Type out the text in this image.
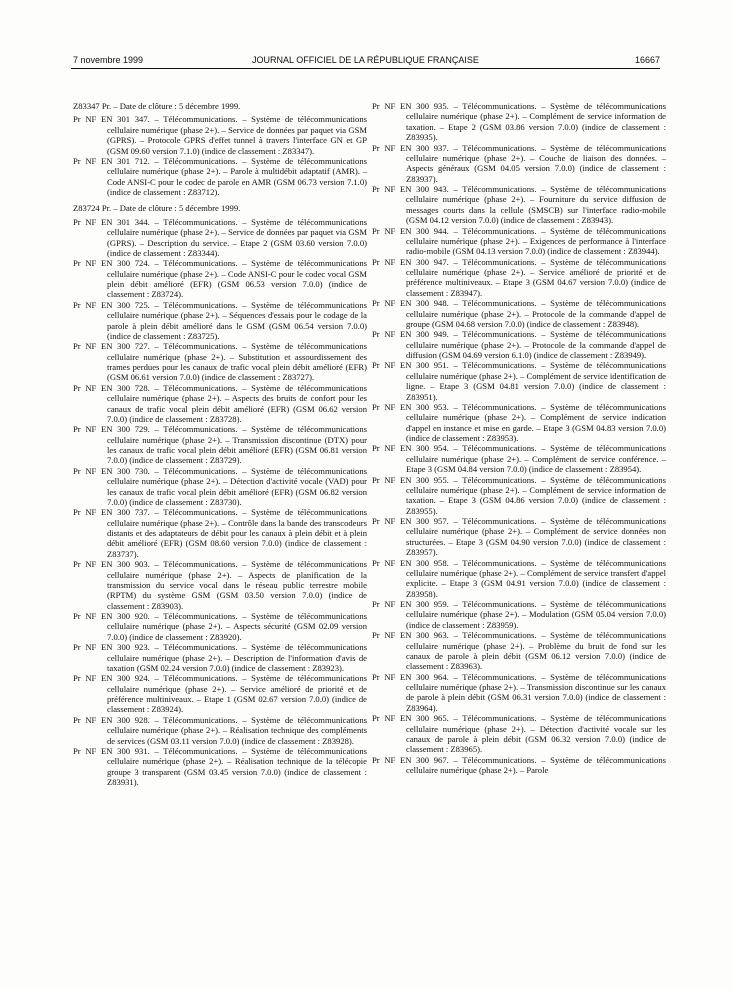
7 novembre 1999	JOURNAL OFFICIEL DE LA RÉPUBLIQUE FRANÇAISE	16667

Z83347 Pr. – Date de clôture : 5 décembre 1999.

Pr NF EN 301 347. – Télécommunications. – Système de télécommunications cellulaire numérique (phase 2+). – Service de données par paquet via GSM (GPRS). – Protocole GPRS d'effet tunnel à travers l'interface GN et GP (GSM 09.60 version 7.1.0) (indice de classement : Z83347).

Pr NF EN 301 712. – Télécommunications. – Système de télécommunications cellulaire numérique (phase 2+). – Parole à multidébit adaptatif (AMR). – Code ANSI-C pour le codec de parole en AMR (GSM 06.73 version 7.1.0) (indice de classement : Z83712).

Z83724 Pr. – Date de clôture : 5 décembre 1999.

Pr NF EN 301 344. – Télécommunications. – Système de télécommunications cellulaire numérique (phase 2+). – Service de données par paquet via GSM (GPRS). – Description du service. – Etape 2 (GSM 03.60 version 7.0.0) (indice de classement : Z83344).

Pr NF EN 300 724. – Télécommunications. – Système de télécommunications cellulaire numérique (phase 2+). – Code ANSI-C pour le codec vocal GSM plein débit amélioré (EFR) (GSM 06.53 version 7.0.0) (indice de classement : Z83724).

Pr NF EN 300 725. – Télécommunications. – Système de télécommunications cellulaire numérique (phase 2+). – Séquences d'essais pour le codage de la parole à plein débit amélioré dans le GSM (GSM 06.54 version 7.0.0) (indice de classement : Z83725).

Pr NF EN 300 727. – Télécommunications. – Système de télécommunications cellulaire numérique (phase 2+). – Substitution et assourdissement des trames perdues pour les canaux de trafic vocal plein débit amélioré (EFR) (GSM 06.61 version 7.0.0) (indice de classement : Z83727).

Pr NF EN 300 728. – Télécommunications. – Système de télécommunications cellulaire numérique (phase 2+). – Aspects des bruits de confort pour les canaux de trafic vocal plein débit amélioré (EFR) (GSM 06.62 version 7.0.0) (indice de classement : Z83728).

Pr NF EN 300 729. – Télécommunications. – Système de télécommunications cellulaire numérique (phase 2+). – Transmission discontinue (DTX) pour les canaux de trafic vocal plein débit amélioré (EFR) (GSM 06.81 version 7.0.0) (indice de classement : Z83729).

Pr NF EN 300 730. – Télécommunications. – Système de télécommunications cellulaire numérique (phase 2+). – Détection d'activité vocale (VAD) pour les canaux de trafic vocal plein débit amélioré (EFR) (GSM 06.82 version 7.0.0) (indice de classement : Z83730).

Pr NF EN 300 737. – Télécommunications. – Système de télécommunications cellulaire numérique (phase 2+). – Contrôle dans la bande des transcodeurs distants et des adaptateurs de débit pour les canaux à plein débit et à plein débit amélioré (EFR) (GSM 08.60 version 7.0.0) (indice de classement : Z83737).

Pr NF EN 300 903. – Télécommunications. – Système de télécommunications cellulaire numérique (phase 2+). – Aspects de planification de la transmission du service vocal dans le réseau public terrestre mobile (RPTM) du système GSM (GSM 03.50 version 7.0.0) (indice de classement : Z83903).

Pr NF EN 300 920. – Télécommunications. – Système de télécommunications cellulaire numérique (phase 2+). – Aspects sécurité (GSM 02.09 version 7.0.0) (indice de classement : Z83920).

Pr NF EN 300 923. – Télécommunications. – Système de télécommunications cellulaire numérique (phase 2+). – Description de l'information d'avis de taxation (GSM 02.24 version 7.0.0) (indice de classement : Z83923).

Pr NF EN 300 924. – Télécommunications. – Système de télécommunications cellulaire numérique (phase 2+). – Service amélioré de priorité et de préférence multiniveaux. – Etape 1 (GSM 02.67 version 7.0.0) (indice de classement : Z83924).

Pr NF EN 300 928. – Télécommunications. – Système de télécommunications cellulaire numérique (phase 2+). – Réalisation technique des compléments de services (GSM 03.11 version 7.0.0) (indice de classement : Z83928).

Pr NF EN 300 931. – Télécommunications. – Système de télécommunications cellulaire numérique (phase 2+). – Réalisation technique de la télécopie groupe 3 transparent (GSM 03.45 version 7.0.0) (indice de classement : Z83931).

Pr NF EN 300 935. – Télécommunications. – Système de télécommunications cellulaire numérique (phase 2+). – Complément de service information de taxation. – Etape 2 (GSM 03.86 version 7.0.0) (indice de classement : Z83935).

Pr NF EN 300 937. – Télécommunications. – Système de télécommunications cellulaire numérique (phase 2+). – Couche de liaison des données. – Aspects généraux (GSM 04.05 version 7.0.0) (indice de classement : Z83937).

Pr NF EN 300 943. – Télécommunications. – Système de télécommunications cellulaire numérique (phase 2+). – Fourniture du service diffusion de messages courts dans la cellule (SMSCB) sur l'interface radio-mobile (GSM 04.12 version 7.0.0) (indice de classement : Z83943).

Pr NF EN 300 944. – Télécommunications. – Système de télécommunications cellulaire numérique (phase 2+). – Exigences de performance à l'interface radio-mobile (GSM 04.13 version 7.0.0) (indice de classement : Z83944).

Pr NF EN 300 947. – Télécommunications. – Système de télécommunications cellulaire numérique (phase 2+). – Service amélioré de priorité et de préférence multiniveaux. – Etape 3 (GSM 04.67 version 7.0.0) (indice de classement : Z83947).

Pr NF EN 300 948. – Télécommunications. – Système de télécommunications cellulaire numérique (phase 2+). – Protocole de la commande d'appel de groupe (GSM 04.68 version 7.0.0) (indice de classement : Z83948).

Pr NF EN 300 949. – Télécommunications. – Système de télécommunications cellulaire numérique (phase 2+). – Protocole de la commande d'appel de diffusion (GSM 04.69 version 6.1.0) (indice de classement : Z83949).

Pr NF EN 300 951. – Télécommunications. – Système de télécommunications cellulaire numérique (phase 2+). – Complément de service identification de ligne. – Etape 3 (GSM 04.81 version 7.0.0) (indice de classement : Z83951).

Pr NF EN 300 953. – Télécommunications. – Système de télécommunications cellulaire numérique (phase 2+). – Complément de service indication d'appel en instance et mise en garde. – Etape 3 (GSM 04.83 version 7.0.0) (indice de classement : Z83953).

Pr NF EN 300 954. – Télécommunications. – Système de télécommunications cellulaire numérique (phase 2+). – Complément de service conférence. – Etape 3 (GSM 04.84 version 7.0.0) (indice de classement : Z83954).

Pr NF EN 300 955. – Télécommunications. – Système de télécommunications cellulaire numérique (phase 2+). – Complément de service information de taxation. – Etape 3 (GSM 04.86 version 7.0.0) (indice de classement : Z83955).

Pr NF EN 300 957. – Télécommunications. – Système de télécommunications cellulaire numérique (phase 2+). – Complément de service données non structurées. – Etape 3 (GSM 04.90 version 7.0.0) (indice de classement : Z83957).

Pr NF EN 300 958. – Télécommunications. – Système de télécommunications cellulaire numérique (phase 2+). – Complément de service transfert d'appel explicite. – Etape 3 (GSM 04.91 version 7.0.0) (indice de classement : Z83958).

Pr NF EN 300 959. – Télécommunications. – Système de télécommunications cellulaire numérique (phase 2+). – Modulation (GSM 05.04 version 7.0.0) (indice de classement : Z83959).

Pr NF EN 300 963. – Télécommunications. – Système de télécommunications cellulaire numérique (phase 2+). – Problème du bruit de fond sur les canaux de parole à plein débit (GSM 06.12 version 7.0.0) (indice de classement : Z83963).

Pr NF EN 300 964. – Télécommunications. – Système de télécommunications cellulaire numérique (phase 2+). – Transmission discontinue sur les canaux de parole à plein débit (GSM 06.31 version 7.0.0) (indice de classement : Z83964).

Pr NF EN 300 965. – Télécommunications. – Système de télécommunications cellulaire numérique (phase 2+). – Détection d'activité vocale sur les canaux de parole à plein débit (GSM 06.32 version 7.0.0) (indice de classement : Z83965).

Pr NF EN 300 967. – Télécommunications. – Système de télécommunications cellulaire numérique (phase 2+). – Parole
